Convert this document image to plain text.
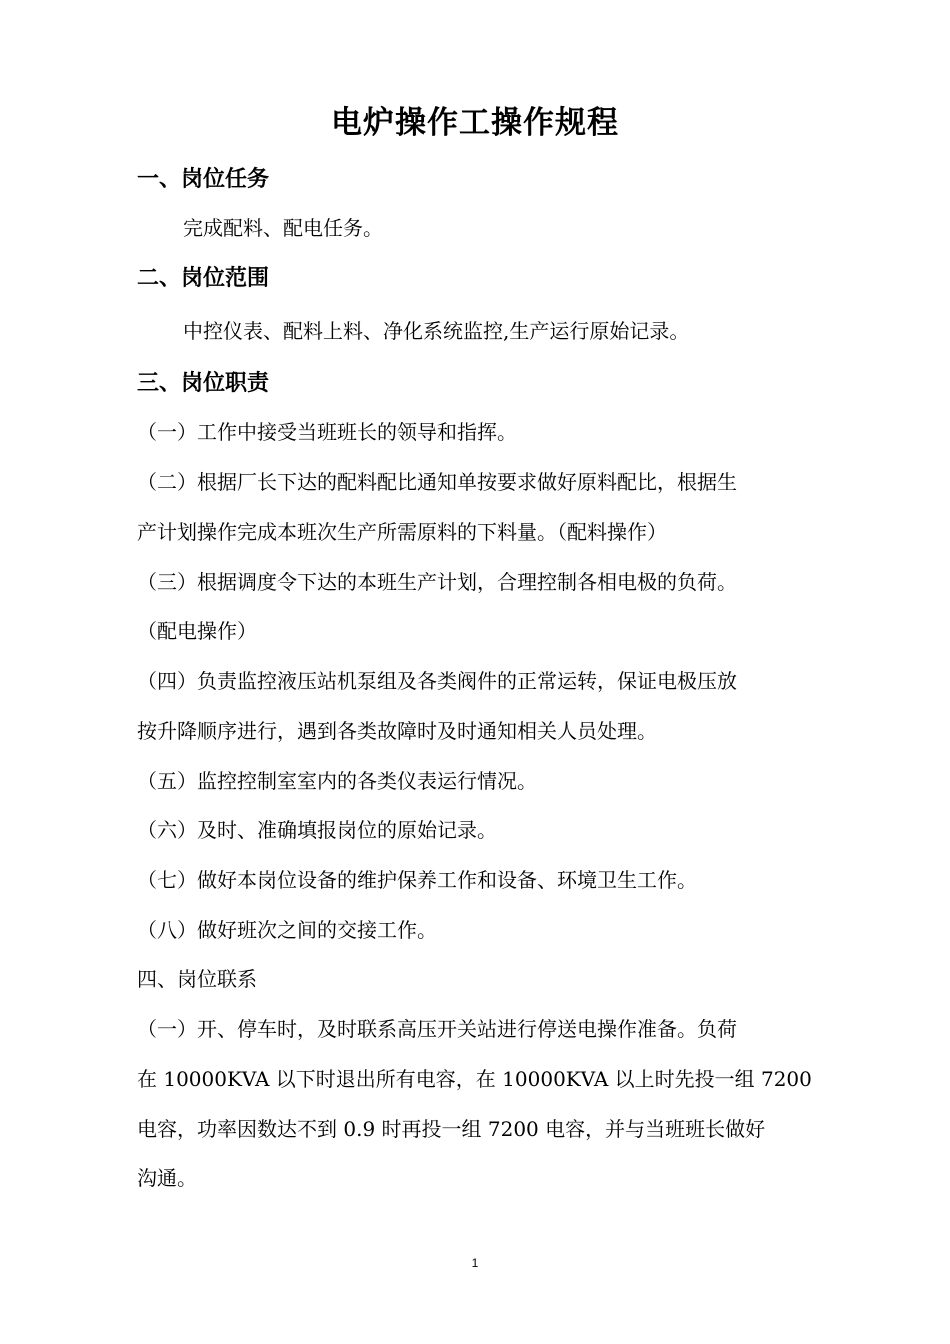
电炉操作工操作规程
一、岗位任务
完成配料、配电任务。
二、岗位范围
中控仪表、配料上料、净化系统监控,生产运行原始记录。
三、岗位职责
（一）工作中接受当班班长的领导和指挥。
（二）根据厂长下达的配料配比通知单按要求做好原料配比，根据生
产计划操作完成本班次生产所需原料的下料量。（配料操作）
（三）根据调度令下达的本班生产计划，合理控制各相电极的负荷。
（配电操作）
（四）负责监控液压站机泵组及各类阀件的正常运转，保证电极压放
按升降顺序进行，遇到各类故障时及时通知相关人员处理。
（五）监控控制室室内的各类仪表运行情况。
（六）及时、准确填报岗位的原始记录。
（七）做好本岗位设备的维护保养工作和设备、环境卫生工作。
（八）做好班次之间的交接工作。
四、岗位联系
（一）开、停车时，及时联系高压开关站进行停送电操作准备。负荷
在 10000KVA 以下时退出所有电容，在 10000KVA 以上时先投一组 7200
电容，功率因数达不到 0.9 时再投一组 7200 电容，并与当班班长做好
沟通。
1
